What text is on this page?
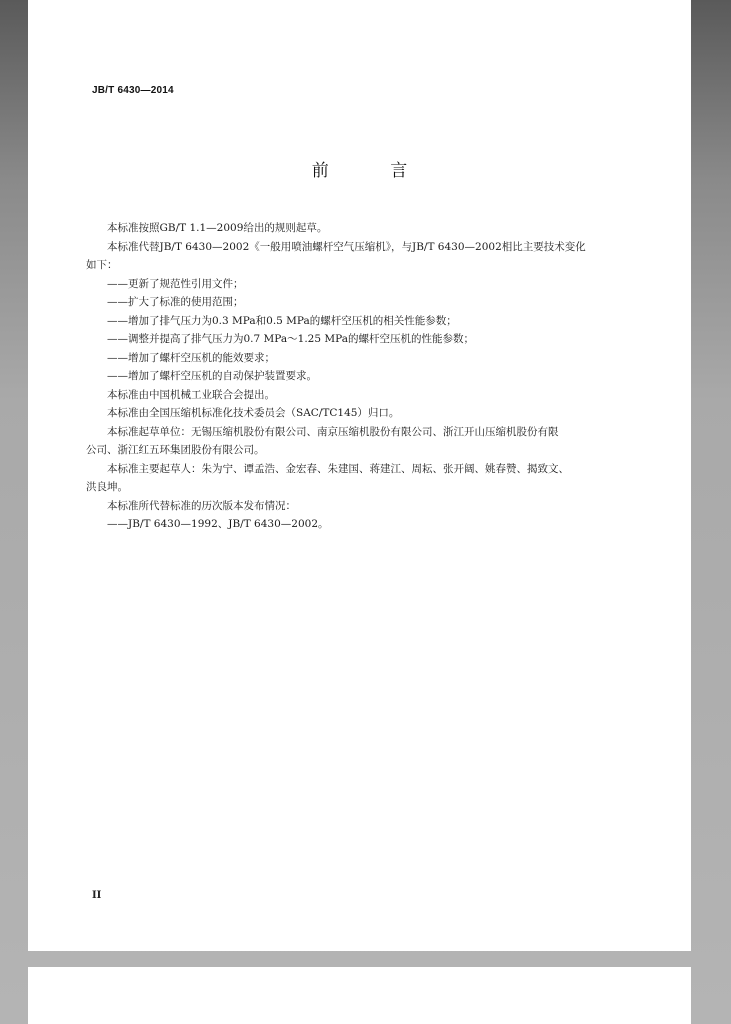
JB/T 6430—2014
前 言

本标准按照GB/T 1.1—2009给出的规则起草。

本标准代替JB/T 6430—2002《一般用喷油螺杆空气压缩机》，与JB/T 6430—2002相比主要技术变化

如下：

——更新了规范性引用文件；

——扩大了标准的使用范围；

——增加了排气压力为0.3 MPa和0.5 MPa的螺杆空压机的相关性能参数；

——调整并提高了排气压力为0.7 MPa～1.25 MPa的螺杆空压机的性能参数；

——增加了螺杆空压机的能效要求；

——增加了螺杆空压机的自动保护装置要求。

本标准由中国机械工业联合会提出。

本标准由全国压缩机标准化技术委员会（SAC/TC145）归口。

本标准起草单位：无锡压缩机股份有限公司、南京压缩机股份有限公司、浙江开山压缩机股份有限

公司、浙江红五环集团股份有限公司。

本标准主要起草人：朱为宁、谭孟浩、金宏春、朱建国、蒋建江、周耘、张开阔、姚春赞、揭致文、

洪良坤。

本标准所代替标准的历次版本发布情况：

——JB/T 6430—1992、JB/T 6430—2002。

II
